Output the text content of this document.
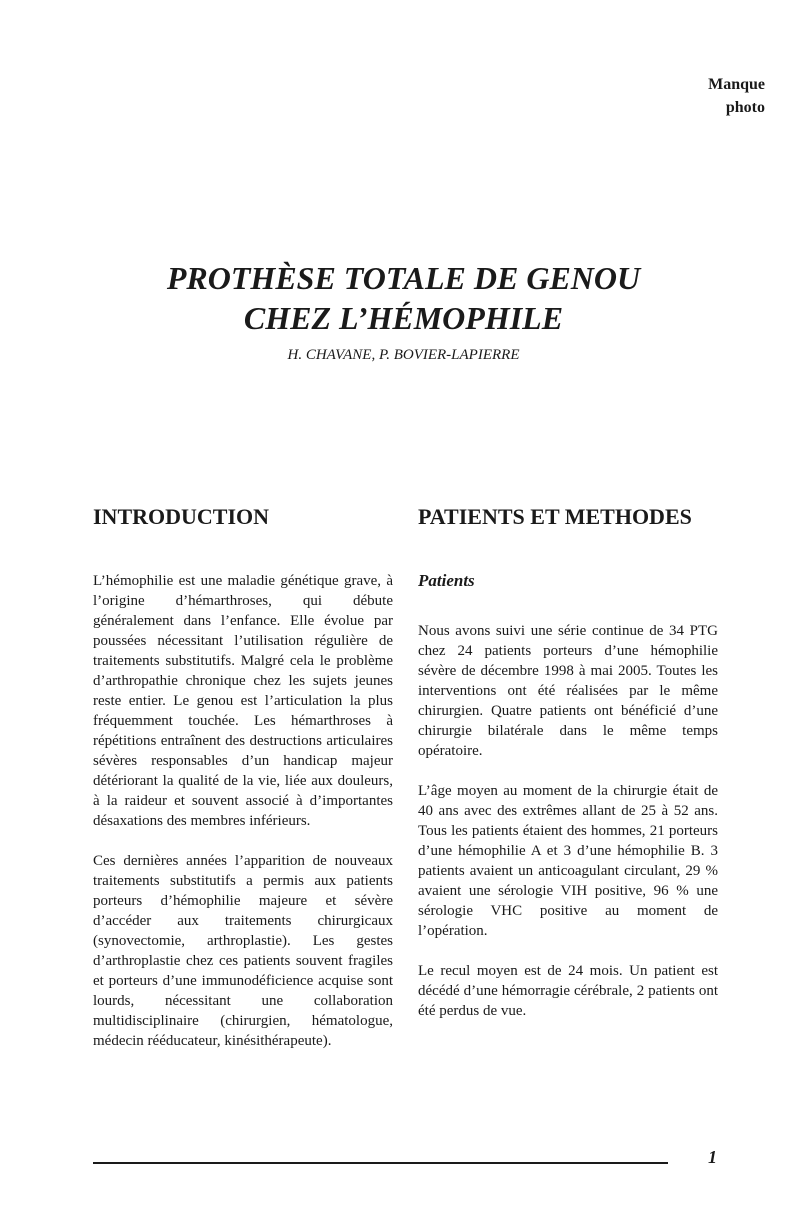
Manque
photo
PROTHÈSE TOTALE DE GENOU
CHEZ L’HÉMOPHILE

H. CHAVANE, P. BOVIER-LAPIERRE

INTRODUCTION

L’hémophilie est une maladie génétique grave, à l’origine d’hémarthroses, qui débute généralement dans l’enfance. Elle évolue par poussées nécessitant l’utilisation régulière de traitements substitutifs. Malgré cela le problème d’arthropathie chronique chez les sujets jeunes reste entier. Le genou est l’articulation la plus fréquemment touchée. Les hémarthroses à répétitions entraînent des destructions articulaires sévères responsables d’un handicap majeur détériorant la qualité de la vie, liée aux douleurs, à la raideur et souvent associé à d’importantes désaxations des membres inférieurs.

Ces dernières années l’apparition de nouveaux traitements substitutifs a permis aux patients porteurs d’hémophilie majeure et sévère d’accéder aux traitements chirurgicaux (synovectomie, arthroplastie). Les gestes d’arthroplastie chez ces patients souvent fragiles et porteurs d’une immunodéficience acquise sont lourds, nécessitant une collaboration multidisciplinaire (chirurgien, hématologue, médecin rééducateur, kinésithérapeute).

PATIENTS ET METHODES
Patients

Nous avons suivi une série continue de 34 PTG chez 24 patients porteurs d’une hémophilie sévère de décembre 1998 à mai 2005. Toutes les interventions ont été réalisées par le même chirurgien. Quatre patients ont bénéficié d’une chirurgie bilatérale dans le même temps opératoire.

L’âge moyen au moment de la chirurgie était de 40 ans avec des extrêmes allant de 25 à 52 ans. Tous les patients étaient des hommes, 21 porteurs d’une hémophilie A et 3 d’une hémophilie B. 3 patients avaient un anticoagulant circulant, 29 % avaient une sérologie VIH positive, 96 % une sérologie VHC positive au moment de l’opération.

Le recul moyen est de 24 mois. Un patient est décédé d’une hémorragie cérébrale, 2 patients ont été perdus de vue.

1
